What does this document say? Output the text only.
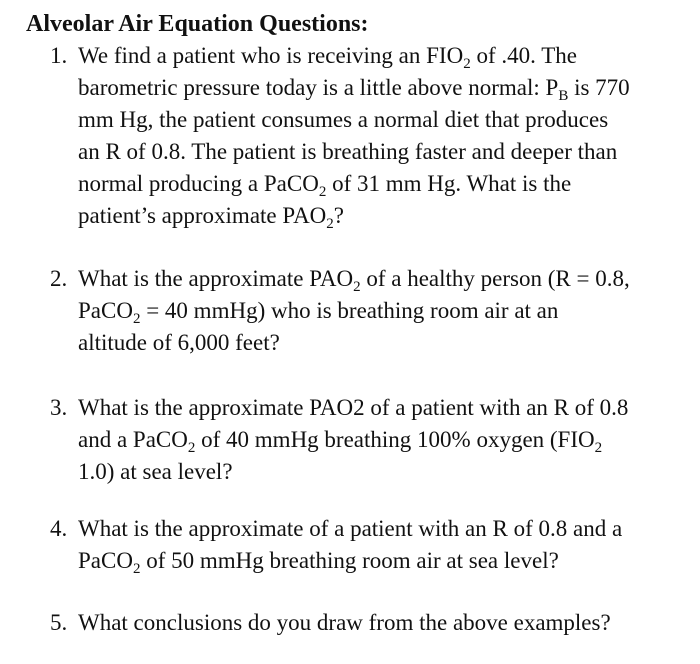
Alveolar Air Equation Questions:
1. We find a patient who is receiving an $FIO_2$ of .40. The
barometric pressure today is a little above normal: $P_B$ is 770
mm Hg, the patient consumes a normal diet that produces
an R of 0.8. The patient is breathing faster and deeper than
normal producing a PaCO$_2$ of 31 mm Hg. What is the
patient’s approximate $PAO_2$?
2. What is the approximate $PAO_2$ of a healthy person (R = 0.8,
PaCO$_2$ = 40 mmHg) who is breathing room air at an
altitude of 6,000 feet?
3. What is the approximate PAO2 of a patient with an R of 0.8
and a PaCO$_2$ of 40 mmHg breathing 100% oxygen ($FIO_2$
1.0) at sea level?
4. What is the approximate of a patient with an R of 0.8 and a
PaCO$_2$ of 50 mmHg breathing room air at sea level?
5. What conclusions do you draw from the above examples?
